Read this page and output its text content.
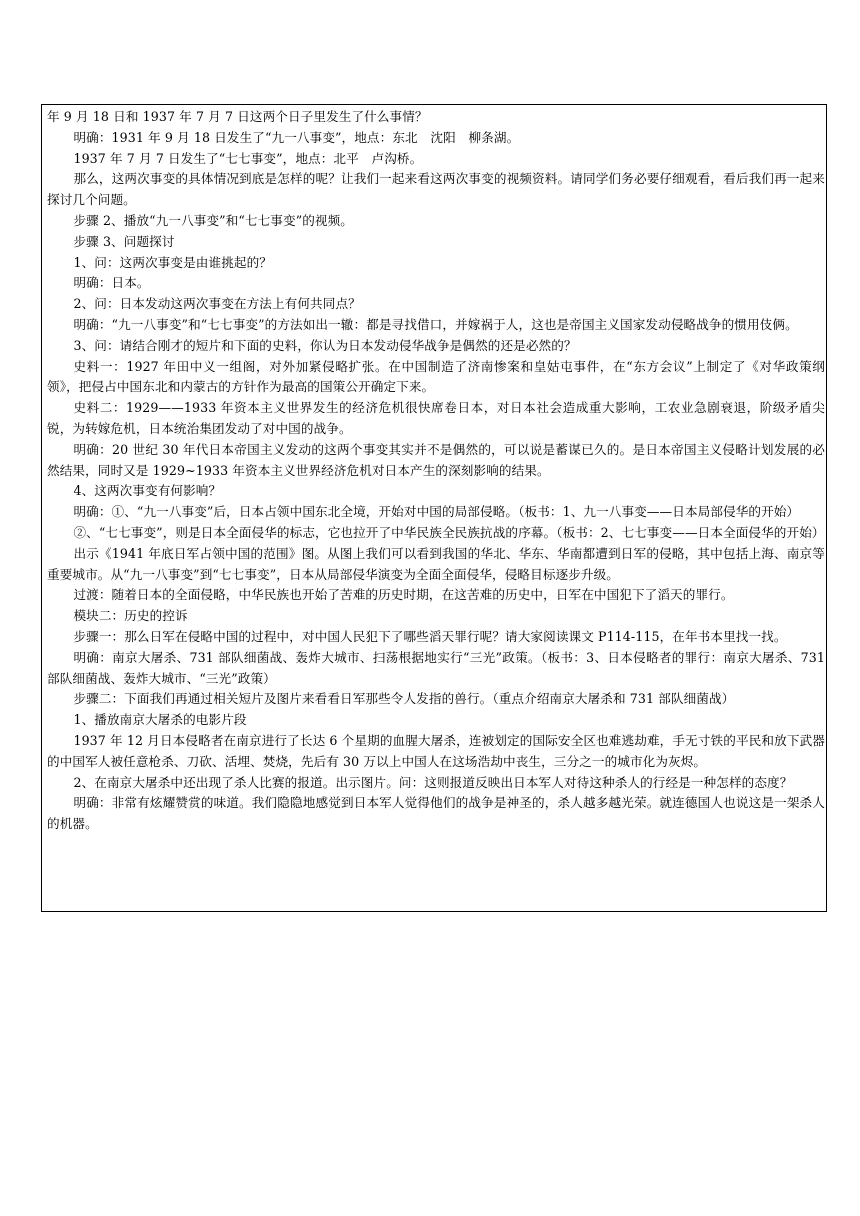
年 9 月 18 日和 1937 年 7 月 7 日这两个日子里发生了什么事情？

明确：1931 年 9 月 18 日发生了“九一八事变”，地点：东北　沈阳　柳条湖。

1937 年 7 月 7 日发生了“七七事变”，地点：北平　卢沟桥。

那么，这两次事变的具体情况到底是怎样的呢？让我们一起来看这两次事变的视频资料。请同学们务必要仔细观看，看后我们再一起来探讨几个问题。

步骤 2、播放“九一八事变”和“七七事变”的视频。

步骤 3、问题探讨

1、问：这两次事变是由谁挑起的？

明确：日本。

2、问：日本发动这两次事变在方法上有何共同点？

明确：“九一八事变”和“七七事变”的方法如出一辙：都是寻找借口，并嫁祸于人，这也是帝国主义国家发动侵略战争的惯用伎俩。

3、问：请结合刚才的短片和下面的史料，你认为日本发动侵华战争是偶然的还是必然的？

史料一：1927 年田中义一组阁，对外加紧侵略扩张。在中国制造了济南惨案和皇姑屯事件，在“东方会议”上制定了《对华政策纲领》，把侵占中国东北和内蒙古的方针作为最高的国策公开确定下来。

史料二：1929——1933 年资本主义世界发生的经济危机很快席卷日本，对日本社会造成重大影响，工农业急剧衰退，阶级矛盾尖锐，为转嫁危机，日本统治集团发动了对中国的战争。

明确：20 世纪 30 年代日本帝国主义发动的这两个事变其实并不是偶然的，可以说是蓄谋已久的。是日本帝国主义侵略计划发展的必然结果，同时又是 1929~1933 年资本主义世界经济危机对日本产生的深刻影响的结果。

4、这两次事变有何影响？

明确：①、“九一八事变”后，日本占领中国东北全境，开始对中国的局部侵略。（板书：1、九一八事变——日本局部侵华的开始）

②、“七七事变”，则是日本全面侵华的标志，它也拉开了中华民族全民族抗战的序幕。（板书：2、七七事变——日本全面侵华的开始）

出示《1941 年底日军占领中国的范围》图。从图上我们可以看到我国的华北、华东、华南都遭到日军的侵略，其中包括上海、南京等重要城市。从“九一八事变”到“七七事变”，日本从局部侵华演变为全面全面侵华，侵略目标逐步升级。

过渡：随着日本的全面侵略，中华民族也开始了苦难的历史时期，在这苦难的历史中，日军在中国犯下了滔天的罪行。

模块二：历史的控诉

步骤一：那么日军在侵略中国的过程中，对中国人民犯下了哪些滔天罪行呢？请大家阅读课文 P114-115，在年书本里找一找。

明确：南京大屠杀、731 部队细菌战、轰炸大城市、扫荡根据地实行“三光”政策。（板书：3、日本侵略者的罪行：南京大屠杀、731 部队细菌战、轰炸大城市、“三光”政策）

步骤二：下面我们再通过相关短片及图片来看看日军那些令人发指的兽行。（重点介绍南京大屠杀和 731 部队细菌战）

1、播放南京大屠杀的电影片段

1937 年 12 月日本侵略者在南京进行了长达 6 个星期的血腥大屠杀，连被划定的国际安全区也难逃劫难，手无寸铁的平民和放下武器的中国军人被任意枪杀、刀砍、活埋、焚烧，先后有 30 万以上中国人在这场浩劫中丧生，三分之一的城市化为灰烬。

2、在南京大屠杀中还出现了杀人比赛的报道。出示图片。问：这则报道反映出日本军人对待这种杀人的行经是一种怎样的态度？

明确：非常有炫耀赞赏的味道。我们隐隐地感觉到日本军人觉得他们的战争是神圣的，杀人越多越光荣。就连德国人也说这是一架杀人的机器。
